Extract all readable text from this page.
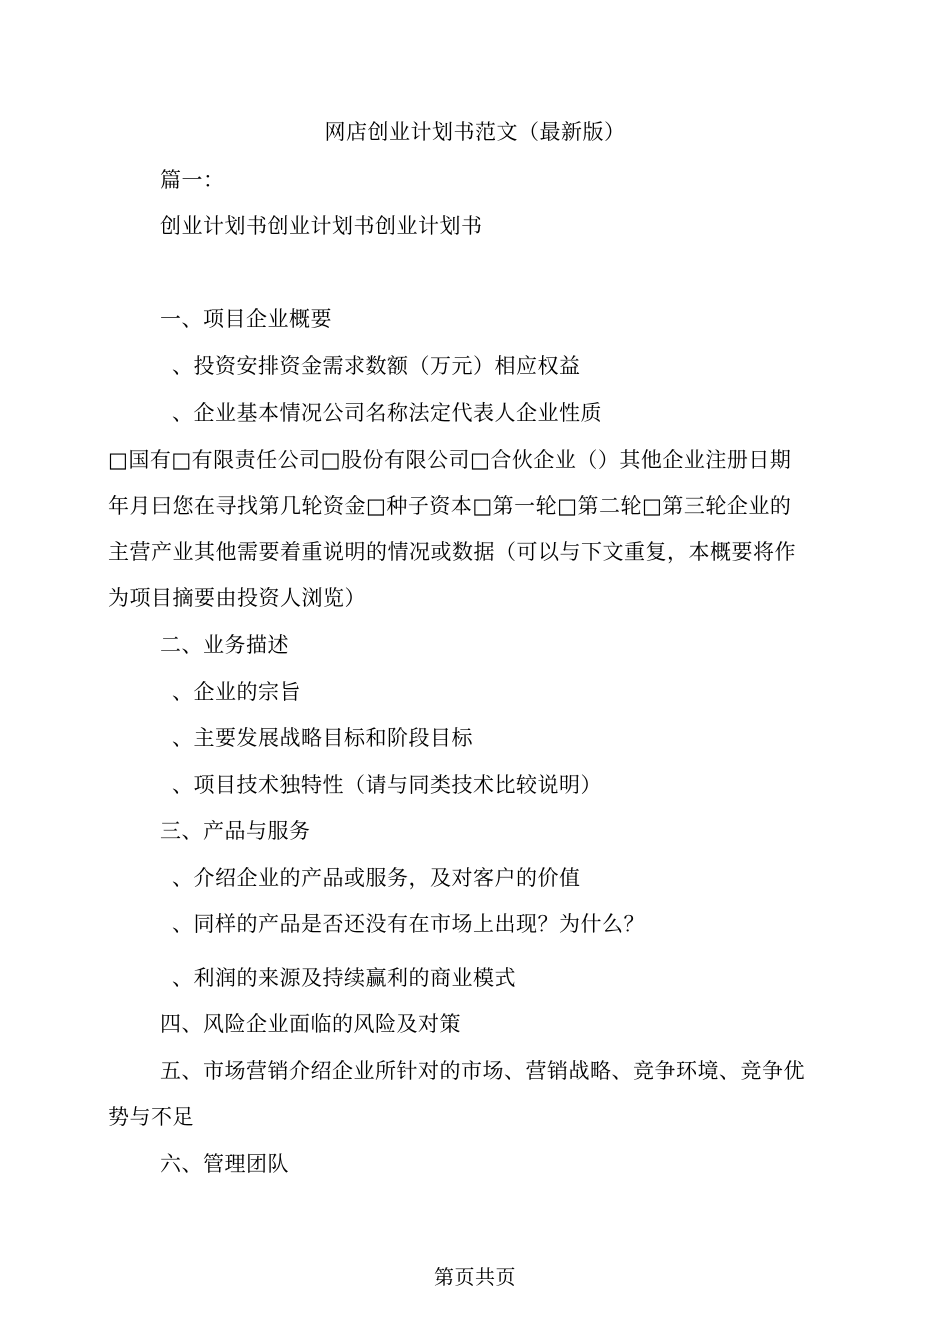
网店创业计划书范文（最新版）
篇一：
创业计划书创业计划书创业计划书
一、项目企业概要
、投资安排资金需求数额（万元）相应权益
、企业基本情况公司名称法定代表人企业性质
□国有□有限责任公司□股份有限公司□合伙企业（）其他企业注册日期
年月曰您在寻找第几轮资金□种子资本□第一轮□第二轮□第三轮企业的
主营产业其他需要着重说明的情况或数据（可以与下文重复，本概要将作
为项目摘要由投资人浏览）
二、业务描述
、企业的宗旨
、主要发展战略目标和阶段目标
、项目技术独特性（请与同类技术比较说明）
三、产品与服务
、介绍企业的产品或服务，及对客户的价值
、同样的产品是否还没有在市场上出现？为什么？
、利润的来源及持续赢利的商业模式
四、风险企业面临的风险及对策
五、市场营销介绍企业所针对的市场、营销战略、竞争环境、竞争优
势与不足
六、管理团队
第页共页
